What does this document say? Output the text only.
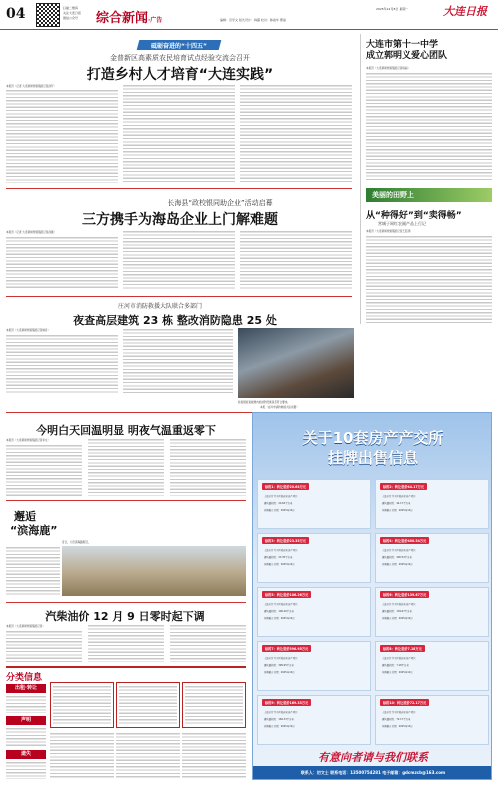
04	扫描二维码
关注大连日报
微信公众号 综合新闻·广告
2025年12月8日 星期一	大连日报
编辑：章学文 版式设计：韩露 校对：韩淑华 曹丽
砥砺奋进的“十四五”
金普新区高素质农民培育试点经验交流会召开
打造乡村人才培育“大连实践”
本报讯（记者 大连新闻传媒集团记者孙芳）
长海县“政校银同助企业”活动启幕
三方携手为海岛企业上门解难题
本报讯（记者 大连新闻传媒集团记者孙强）
大连市第十一中学
成立郭明义爱心团队
本报讯（大连新闻传媒集团记者杨丽）
美丽的田野上
从“种得好”到“卖得畅”
营城子网红农副产品上行记
本报讯（大连新闻传媒集团记者王若清）
庄河市消防救援大队联合多部门
夜查高层建筑 23 栋 整改消防隐患 25 处
本报讯（大连新闻传媒集团记者姚丹）
检查组检查楼道内的消防设施是否符合要求。
本报（庄河市消防救援大队供图）
今明白天回温明显 明夜气温重返零下
本报讯（大连新闻传媒集团记者李文）
邂逅
“滨海鹿”
近日，大连滨海路附近，
汽柴油价 12 月 9 日零时起下调
本报讯（大连新闻传媒集团记者）
分类信息
出租·转让
声明
遗失
关于10套房产产交所
挂牌出售信息
标的1：转让底价20.64万元
大连市甘井子区某商业房产项目
建筑面积约：20.64平方米
挂牌截止日期：2025年12月
标的2：转让底价44.17万元
大连市甘井子区某商业房产项目
建筑面积约：44.17平方米
挂牌截止日期：2025年12月
标的3：转让底价23.35万元
大连市甘井子区某商业房产项目
建筑面积约：23.35平方米
挂牌截止日期：2025年12月
标的4：转让底价400.54万元
大连市甘井子区某商业房产项目
建筑面积约：400.54平方米
挂牌截止日期：2025年12月
标的5：转让底价106.26万元
大连市甘井子区某商业房产项目
建筑面积约：106.26平方米
挂牌截止日期：2025年12月
标的6：转让底价139.67万元
大连市甘井子区某商业房产项目
建筑面积约：139.67平方米
挂牌截止日期：2025年12月
标的7：转让底价396.95万元
大连市甘井子区某商业房产项目
建筑面积约：396.95平方米
挂牌截止日期：2025年12月
标的8：转让底价7.18万元
大连市甘井子区某商业房产项目
建筑面积约：7.18平方米
挂牌截止日期：2025年12月
标的9：转让底价169.33万元
大连市甘井子区某商业房产项目
建筑面积约：169.33平方米
挂牌截止日期：2025年12月
标的10：转让底价72.17万元
大连市甘井子区某商业房产项目
建筑面积约：72.17平方米
挂牌截止日期：2025年12月
有意向者请与我们联系
联系人：初文士 联系电话：13500754281 电子邮箱：gdcmzcb@163.com
